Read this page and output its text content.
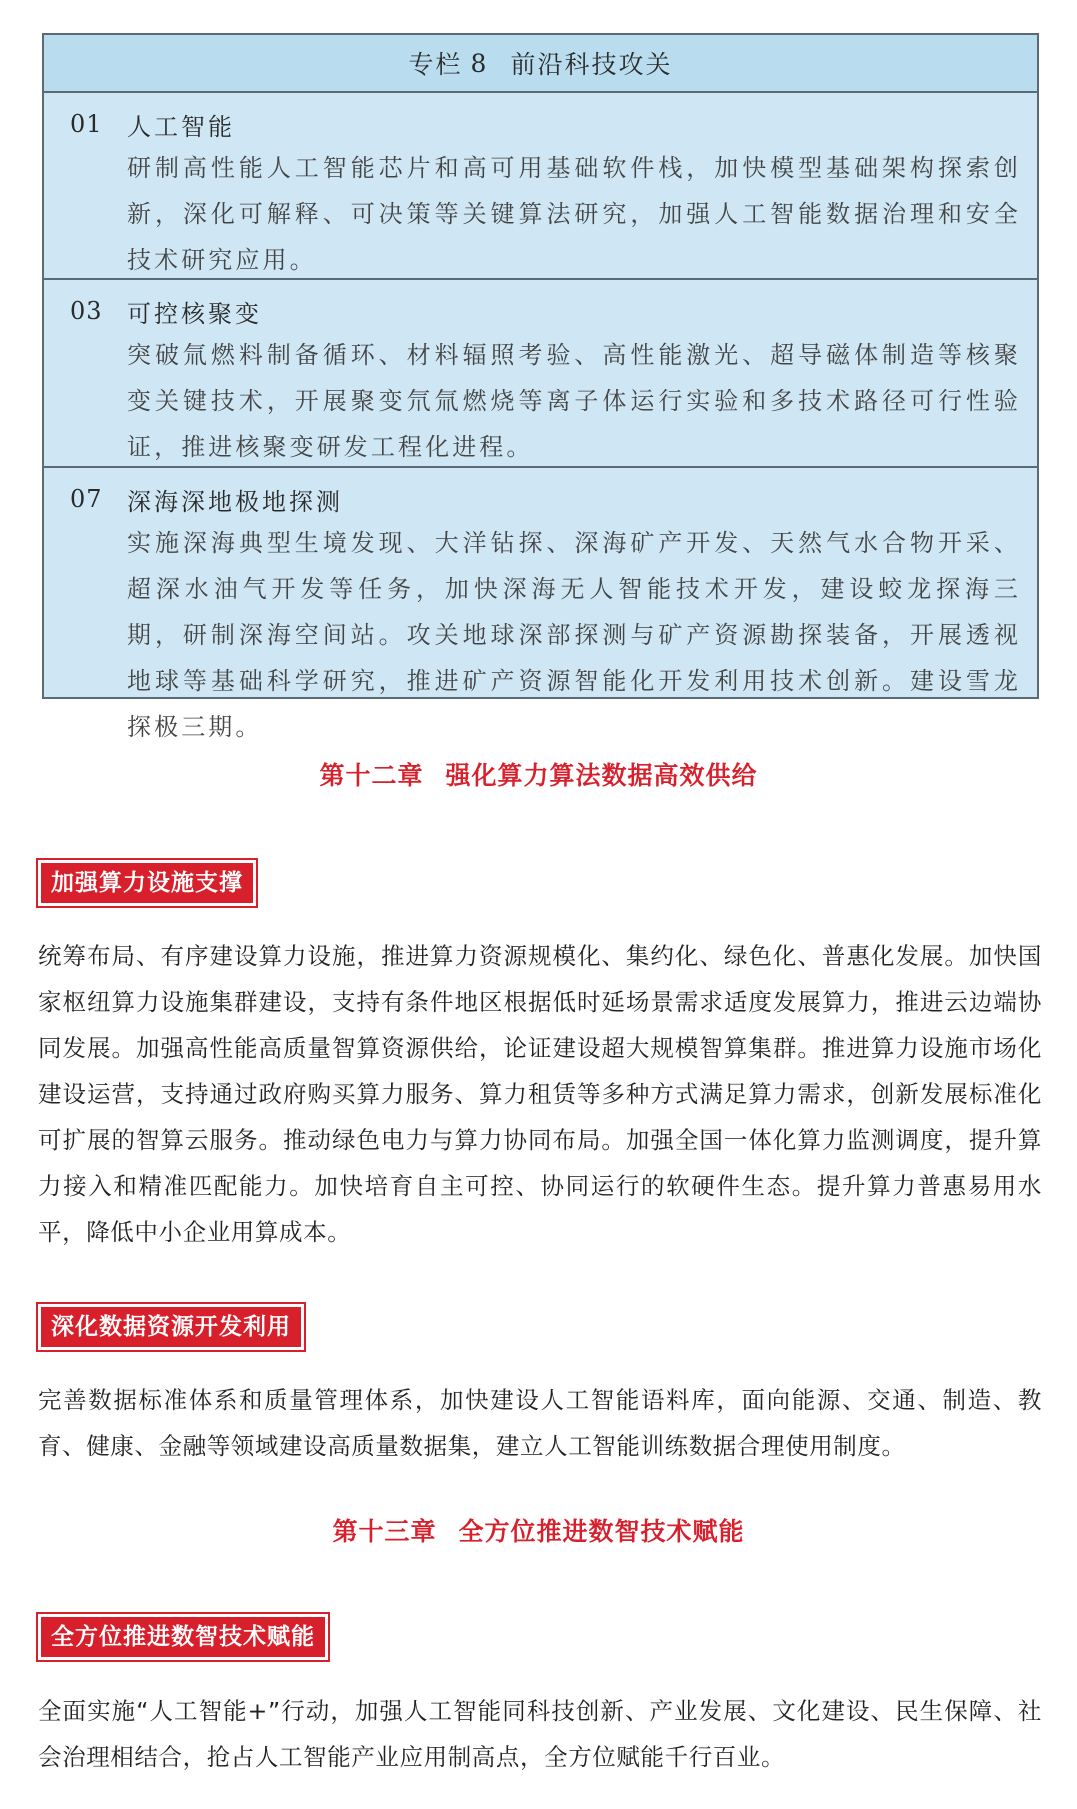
专栏 8 前沿科技攻关
01	人工智能
研制高性能人工智能芯片和高可用基础软件栈，加快模型基础架构探索创新，深化可解释、可决策等关键算法研究，加强人工智能数据治理和安全技术研究应用。
03	可控核聚变
突破氚燃料制备循环、材料辐照考验、高性能激光、超导磁体制造等核聚变关键技术，开展聚变氘氚燃烧等离子体运行实验和多技术路径可行性验证，推进核聚变研发工程化进程。
07	深海深地极地探测
实施深海典型生境发现、大洋钻探、深海矿产开发、天然气水合物开采、超深水油气开发等任务，加快深海无人智能技术开发，建设蛟龙探海三期，研制深海空间站。攻关地球深部探测与矿产资源勘探装备，开展透视地球等基础科学研究，推进矿产资源智能化开发利用技术创新。建设雪龙探极三期。
第十二章 强化算力算法数据高效供给
加强算力设施支撑
统筹布局、有序建设算力设施，推进算力资源规模化、集约化、绿色化、普惠化发展。加快国家枢纽算力设施集群建设，支持有条件地区根据低时延场景需求适度发展算力，推进云边端协同发展。加强高性能高质量智算资源供给，论证建设超大规模智算集群。推进算力设施市场化建设运营，支持通过政府购买算力服务、算力租赁等多种方式满足算力需求，创新发展标准化可扩展的智算云服务。推动绿色电力与算力协同布局。加强全国一体化算力监测调度，提升算力接入和精准匹配能力。加快培育自主可控、协同运行的软硬件生态。提升算力普惠易用水平，降低中小企业用算成本。
深化数据资源开发利用
完善数据标准体系和质量管理体系，加快建设人工智能语料库，面向能源、交通、制造、教育、健康、金融等领域建设高质量数据集，建立人工智能训练数据合理使用制度。
第十三章 全方位推进数智技术赋能
全方位推进数智技术赋能
全面实施“人工智能+”行动，加强人工智能同科技创新、产业发展、文化建设、民生保障、社会治理相结合，抢占人工智能产业应用制高点，全方位赋能千行百业。
